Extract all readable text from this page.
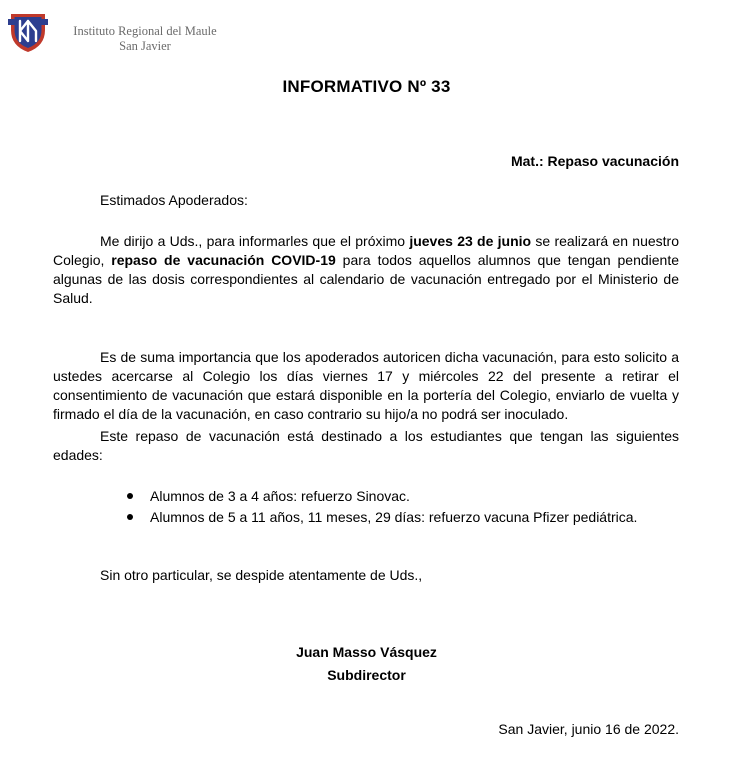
Instituto Regional del Maule
San Javier
INFORMATIVO Nº 33
Mat.: Repaso vacunación

Estimados Apoderados:

Me dirijo a Uds., para informarles que el próximo jueves 23 de junio se realizará en nuestro Colegio, repaso de vacunación COVID-19 para todos aquellos alumnos que tengan pendiente algunas de las dosis correspondientes al calendario de vacunación entregado por el Ministerio de Salud.

Es de suma importancia que los apoderados autoricen dicha vacunación, para esto solicito a ustedes acercarse al Colegio los días viernes 17 y miércoles 22 del presente a retirar el consentimiento de vacunación que estará disponible en la portería del Colegio, enviarlo de vuelta y firmado el día de la vacunación, en caso contrario su hijo/a no podrá ser inoculado.

Este repaso de vacunación está destinado a los estudiantes que tengan las siguientes edades:

Alumnos de 3 a 4 años: refuerzo Sinovac.
Alumnos de 5 a 11 años, 11 meses, 29 días: refuerzo vacuna Pfizer pediátrica.

Sin otro particular, se despide atentamente de Uds.,

Juan Masso Vásquez
Subdirector
San Javier, junio 16 de 2022.
